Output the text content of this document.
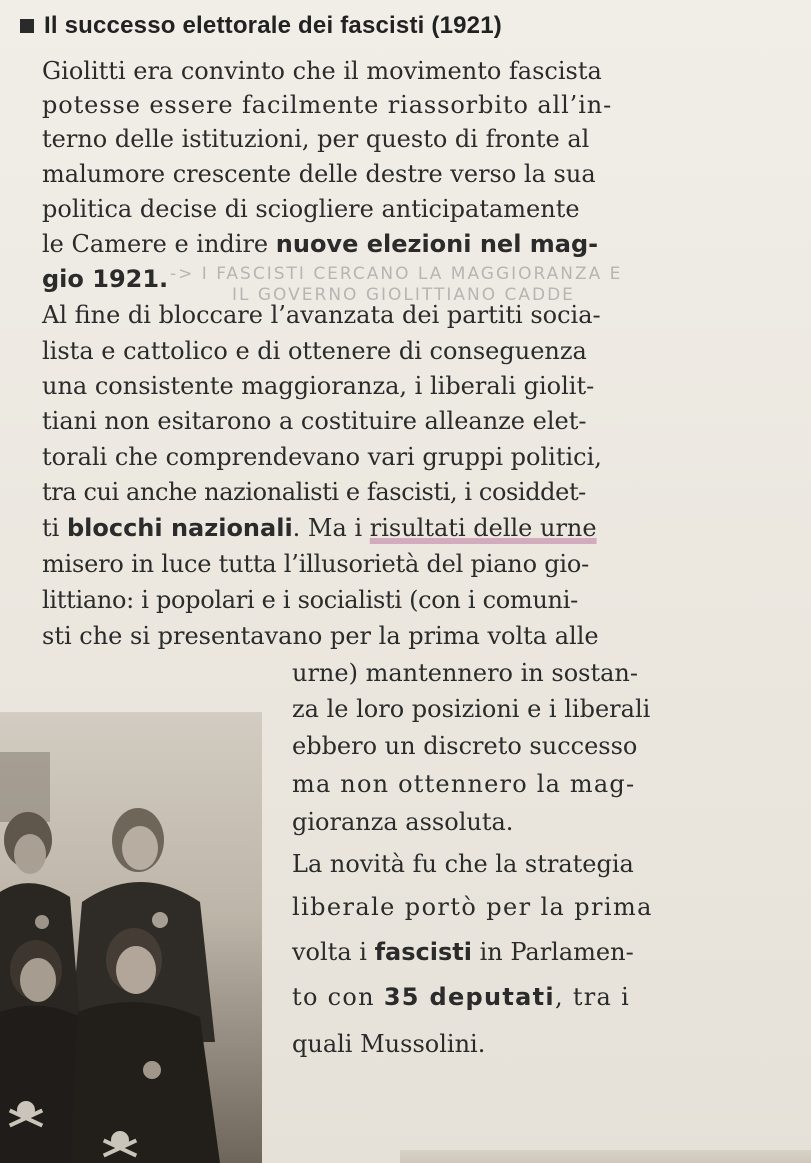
Il successo elettorale dei fascisti (1921)
Giolitti era convinto che il movimento fascista
potesse essere facilmente riassorbito all’in-
terno delle istituzioni, per questo di fronte al
malumore crescente delle destre verso la sua
politica decise di sciogliere anticipatamente
le Camere e indire nuove elezioni nel mag-
gio 1921. -> I FASCISTI CERCANO LA MAGGIORANZA E
IL GOVERNO GIOLITTIANO CADDE
Al fine di bloccare l’avanzata dei partiti socia-
lista e cattolico e di ottenere di conseguenza
una consistente maggioranza, i liberali giolit-
tiani non esitarono a costituire alleanze elet-
torali che comprendevano vari gruppi politici,
tra cui anche nazionalisti e fascisti, i cosiddet-
ti blocchi nazionali. Ma i risultati delle urne
misero in luce tutta l’illusorietà del piano gio-
littiano: i popolari e i socialisti (con i comuni-
sti che si presentavano per la prima volta alle
urne) mantennero in sostan-
za le loro posizioni e i liberali
ebbero un discreto successo
ma non ottennero la mag-
gioranza assoluta.
La novità fu che la strategia
liberale portò per la prima
volta i fascisti in Parlamen-
to con 35 deputati, tra i
quali Mussolini.
